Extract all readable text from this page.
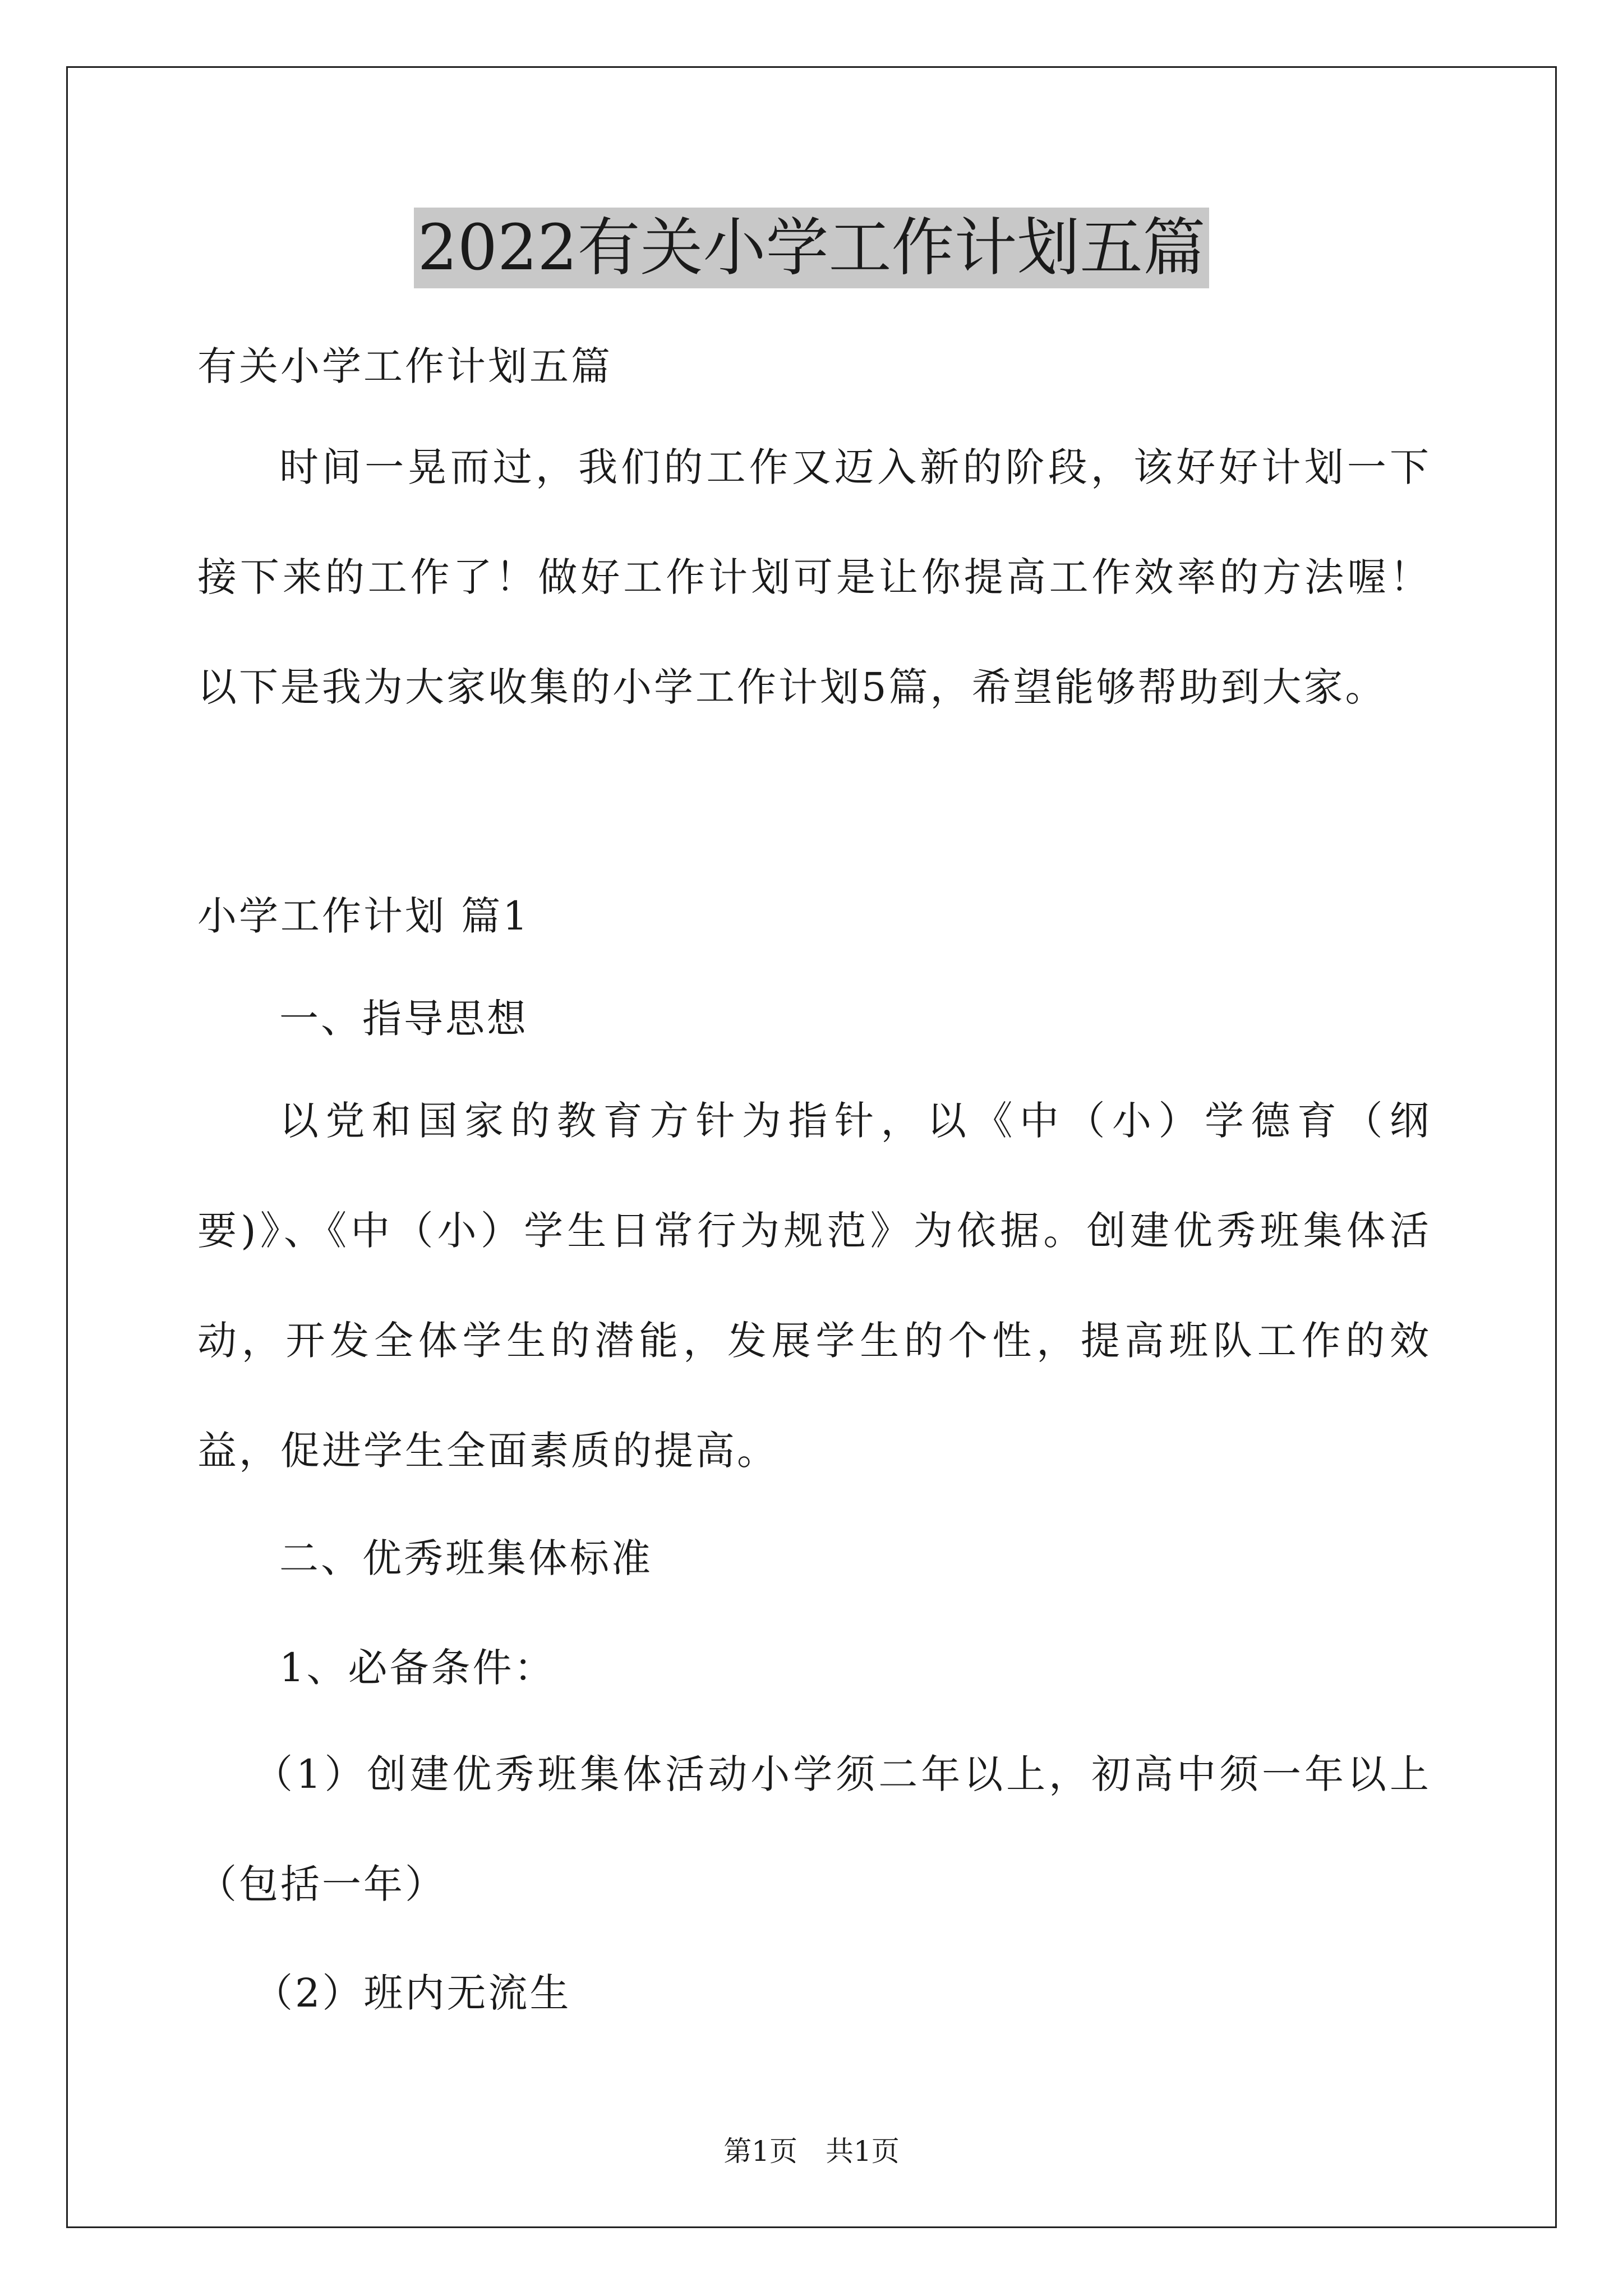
2022有关小学工作计划五篇

有关小学工作计划五篇

时间一晃而过，我们的工作又迈入新的阶段，该好好计划一下接下来的工作了！做好工作计划可是让你提高工作效率的方法喔！以下是我为大家收集的小学工作计划5篇，希望能够帮助到大家。

小学工作计划 篇1

一、指导思想

以党和国家的教育方针为指针，以《中（小）学德育（纲要)》、《中（小）学生日常行为规范》为依据。创建优秀班集体活动，开发全体学生的潜能，发展学生的个性，提高班队工作的效益，促进学生全面素质的提高。

二、优秀班集体标准

1、必备条件：

（1）创建优秀班集体活动小学须二年以上，初高中须一年以上（包括一年）

（2）班内无流生

第1页　共1页
